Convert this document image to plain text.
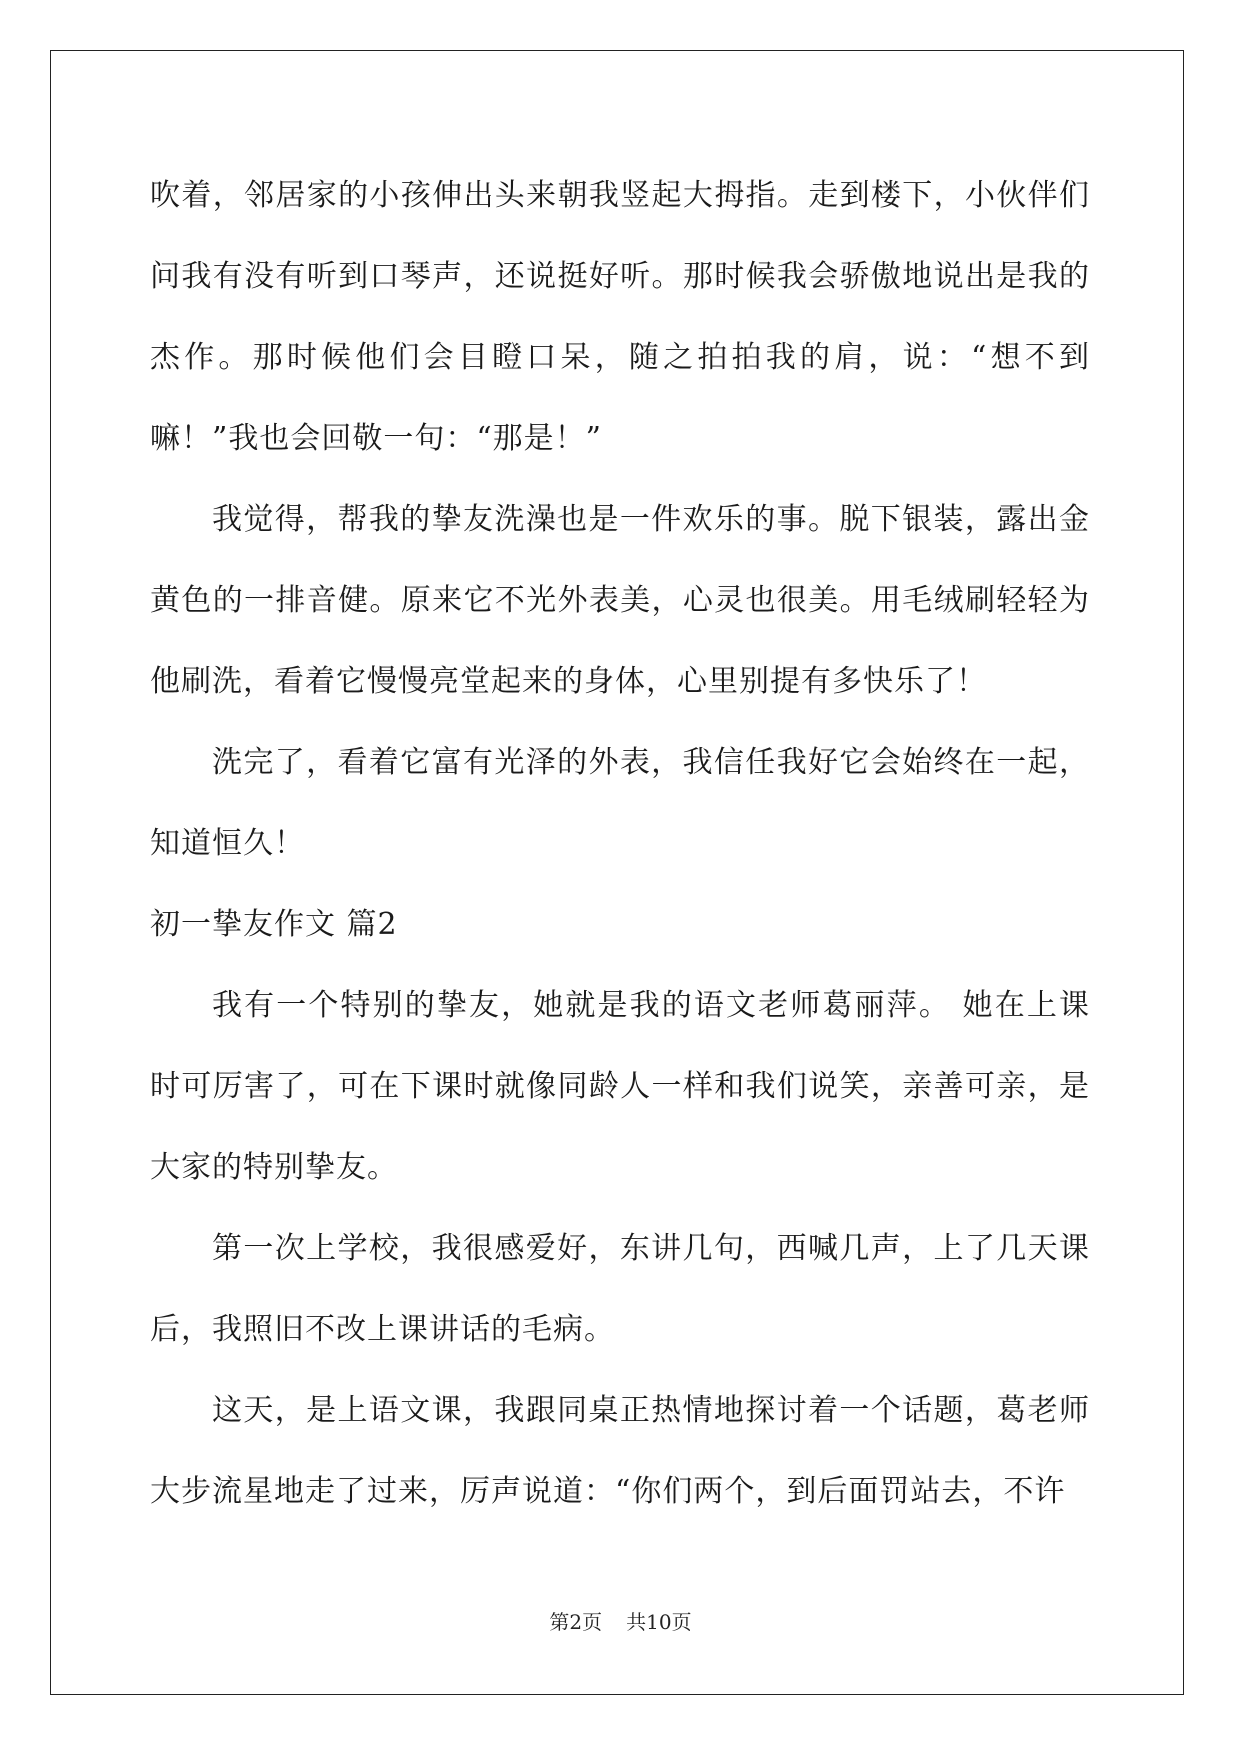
吹着，邻居家的小孩伸出头来朝我竖起大拇指。走到楼下，小伙伴们问我有没有听到口琴声，还说挺好听。那时候我会骄傲地说出是我的杰作。那时候他们会目瞪口呆，随之拍拍我的肩，说：“想不到嘛！”我也会回敬一句：“那是！”

我觉得，帮我的挚友洗澡也是一件欢乐的事。脱下银装，露出金黄色的一排音健。原来它不光外表美，心灵也很美。用毛绒刷轻轻为他刷洗，看着它慢慢亮堂起来的身体，心里别提有多快乐了！

洗完了，看着它富有光泽的外表，我信任我好它会始终在一起，知道恒久！

初一挚友作文 篇2

我有一个特别的挚友，她就是我的语文老师葛丽萍。 她在上课时可厉害了，可在下课时就像同龄人一样和我们说笑，亲善可亲，是大家的特别挚友。

第一次上学校，我很感爱好，东讲几句，西喊几声，上了几天课后，我照旧不改上课讲话的毛病。

这天，是上语文课，我跟同桌正热情地探讨着一个话题，葛老师大步流星地走了过来，厉声说道：“你们两个，到后面罚站去，不许

第2页 共10页
